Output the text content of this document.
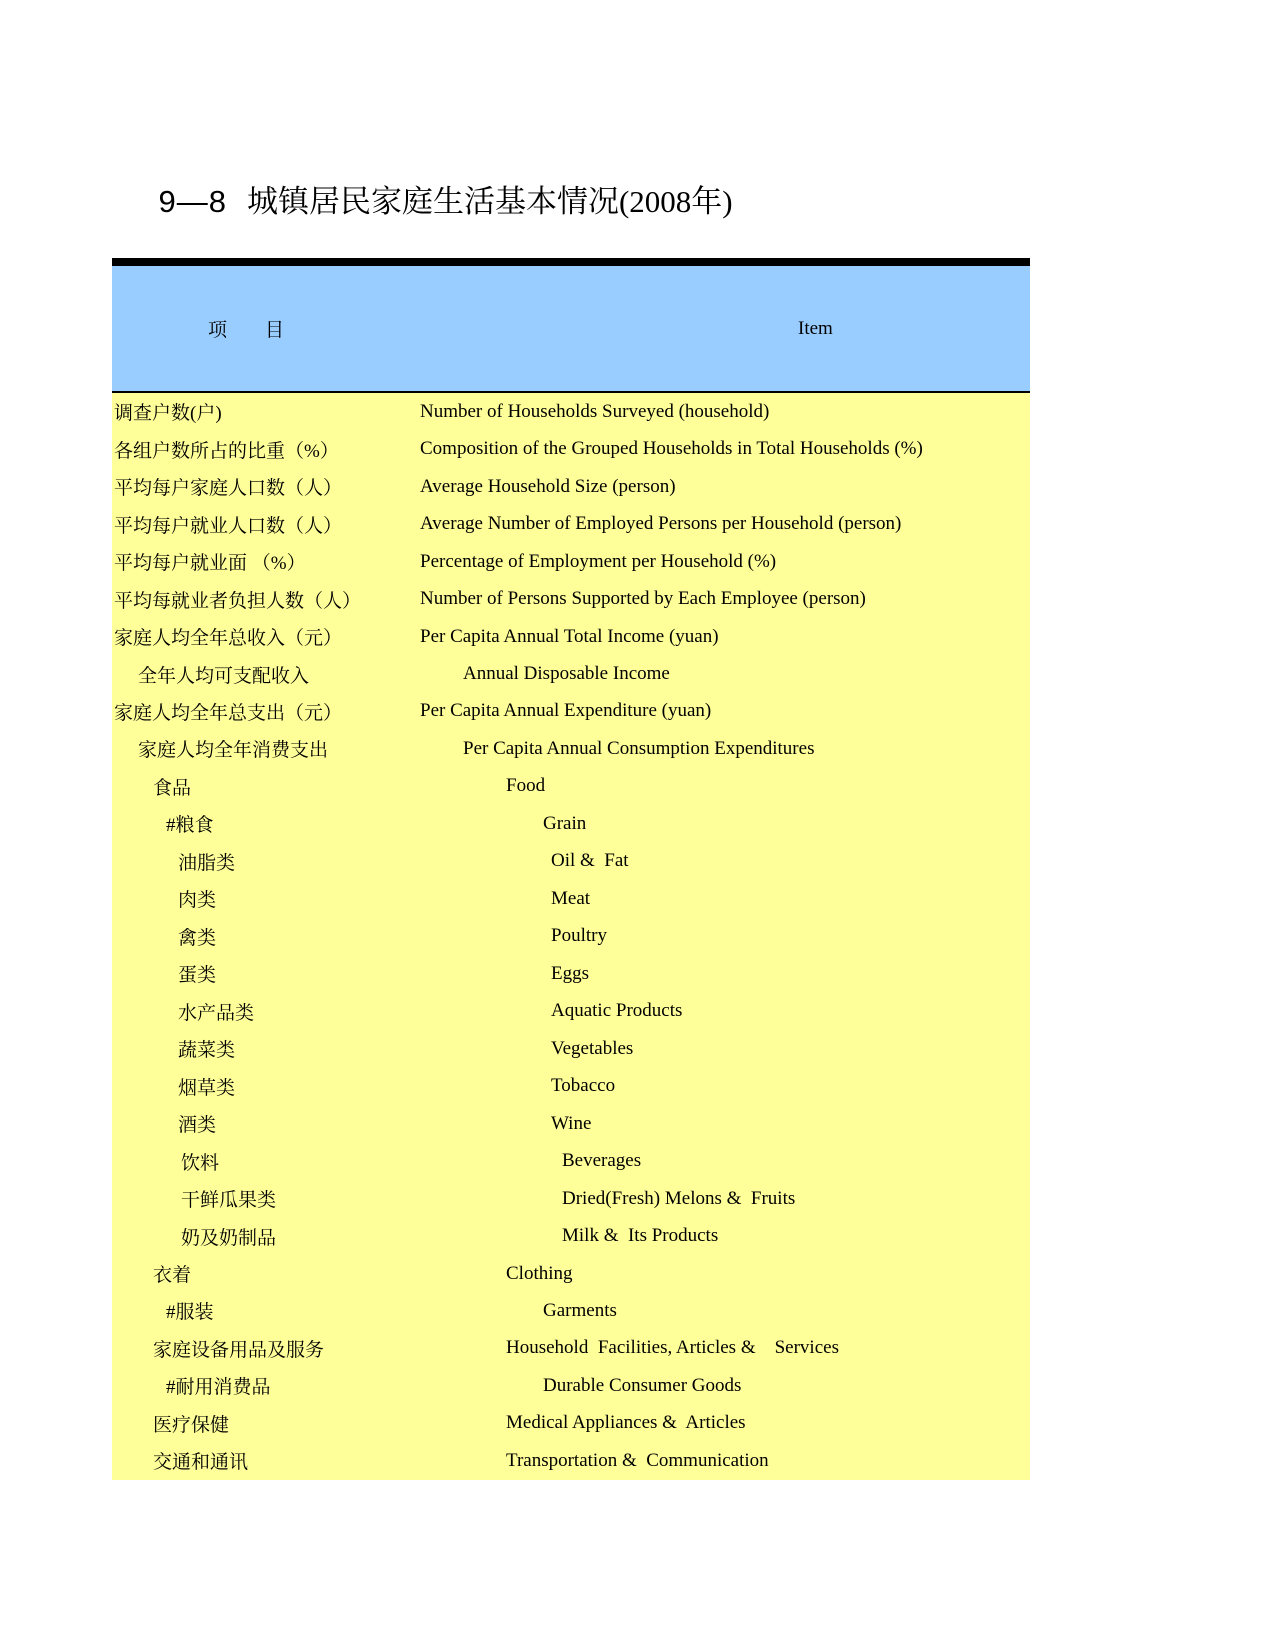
9—8 城镇居民家庭生活基本情况(2008年)

项        目	Item
调查户数(户)	Number of Households Surveyed (household)
各组户数所占的比重（%）	Composition of the Grouped Households in Total Households (%)
平均每户家庭人口数（人）	Average Household Size (person)
平均每户就业人口数（人）	Average Number of Employed Persons per Household (person)
平均每户就业面 （%）	Percentage of Employment per Household (%)
平均每就业者负担人数（人）	Number of Persons Supported by Each Employee (person)
家庭人均全年总收入（元）	Per Capita Annual Total Income (yuan)
全年人均可支配收入	Annual Disposable Income
家庭人均全年总支出（元）	Per Capita Annual Expenditure (yuan)
家庭人均全年消费支出	Per Capita Annual Consumption Expenditures
食品	Food
#粮食	Grain
油脂类	Oil &  Fat
肉类	Meat
禽类	Poultry
蛋类	Eggs
水产品类	Aquatic Products
蔬菜类	Vegetables
烟草类	Tobacco
酒类	Wine
饮料	Beverages
干鲜瓜果类	Dried(Fresh) Melons &  Fruits
奶及奶制品	Milk &  Its Products
衣着	Clothing
#服装	Garments
家庭设备用品及服务	Household  Facilities, Articles &    Services
#耐用消费品	Durable Consumer Goods
医疗保健	Medical Appliances &  Articles
交通和通讯	Transportation &  Communication
